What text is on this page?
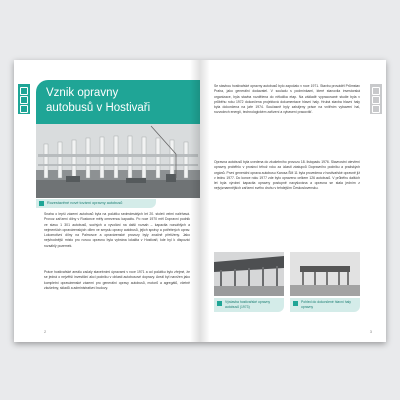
Vznik opravny
autobusů v Hostivaři
Rozestavěné nové tovární opravny autobusů
Snaha o lepší zázemí autobusů byla na počátku sedmdesátých let 20. století velmi naléhavá. Provoz zařízení dílny v Rustonce měly omezenou kapacitu. Po roce 1970 měl Dopravní podnik ve stavu 1 301 autobusů, suchých a vyvolání na další rozsah – kapacita rozsáhlých a nejmenších opravárenských dílen ve smyslu opravy autobusů, jejich správy a potřebných oprav. Lokomotivní dílny na Palmovce a opravárenské provozy byly značně přetíženy. Jako nejvhodnější místo pro novou opravnu byla vybrána lokalita v Hostivaři, kde byl k dispozici rozsáhlý pozemek.
Práce hostivařské areálu začaly stavebními úpravami v roce 1971 a od počátku bylo zřejmé, že se jedná o největší investiční akci podniku v oblasti autobusové dopravy. Areál byl navržen jako kompletní opravárenské zázemí pro generální opravy autobusů, motorů a agregátů, včetně zkušebny, skladů a administrativní budovy.
2
Se stavbou hostivařské opravny autobusů bylo započato v roce 1971. Stavbu prováděl Průmstav Praha, jako generální dodavatel. V souladu s podmínkami, které stanovila investorská organizace, byla stavba rozdělena do několika etap. Na základě vypracované studie byla v průběhu roku 1972 dokončena projektová dokumentace hlavní haly. Hrubá stavba hlavní haly byla dokončena na jaře 1974. Současně byly zahájeny práce na vnitřním vybavení hal, rozvodech energií, technologickém zařízení a vybavení pracovišť.
Opravna autobusů byla uvedena do zkušebního provozu 18. listopadu 1976. Slavnostní otevření opravny proběhlo v prosinci téhož roku za účasti zástupců Dopravního podniku a pražských orgánů. První generální oprava autobusu Karosa ŠM 11 byla provedena v hostivařské opravně již v lednu 1977. Do konce roku 1977 zde bylo opraveno celkem 126 autobusů. V průběhu dalších let byla výrobní kapacita opravny postupně navyšována a opravna se stala jedním z nejvýznamnějších zařízení svého druhu v tehdejším Československu.
Výstavba hostivařské opravny autobusů (1973)
Pohled do dokončené hlavní haly opravny
3
